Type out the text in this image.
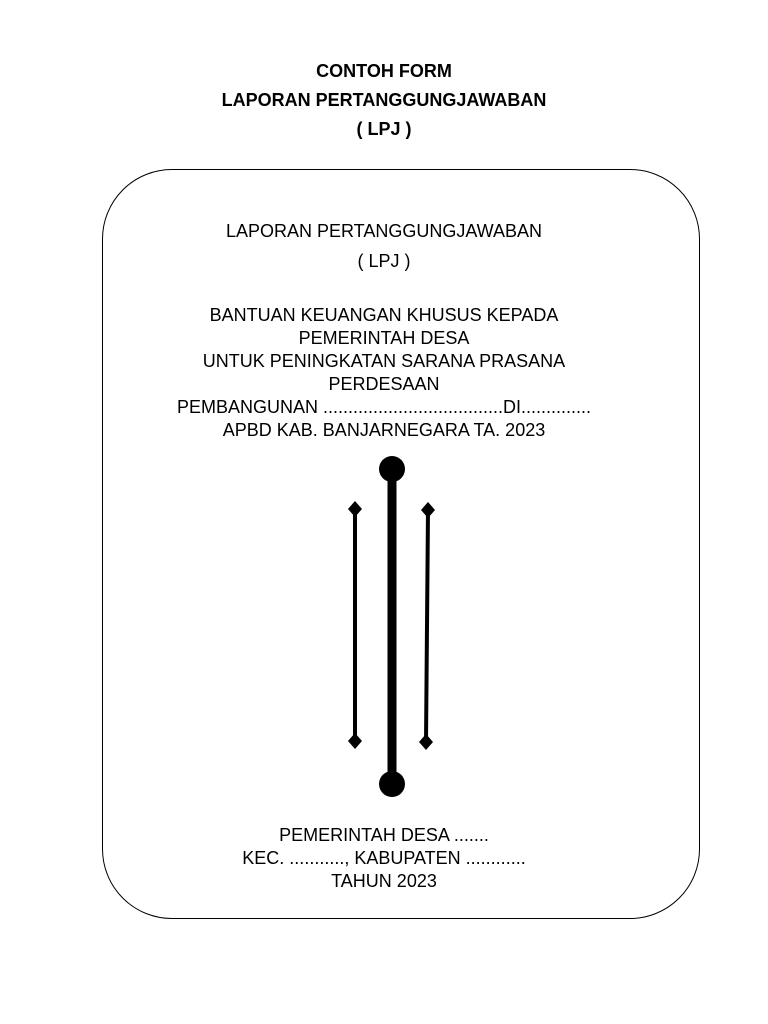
CONTOH FORM
LAPORAN PERTANGGUNGJAWABAN
( LPJ )
LAPORAN PERTANGGUNGJAWABAN
( LPJ )
BANTUAN KEUANGAN KHUSUS KEPADA
PEMERINTAH DESA
UNTUK PENINGKATAN SARANA PRASANA
PERDESAAN
PEMBANGUNAN ....................................DI..............
APBD KAB. BANJARNEGARA TA. 2023
PEMERINTAH DESA .......
KEC. ..........., KABUPATEN ............
TAHUN 2023
